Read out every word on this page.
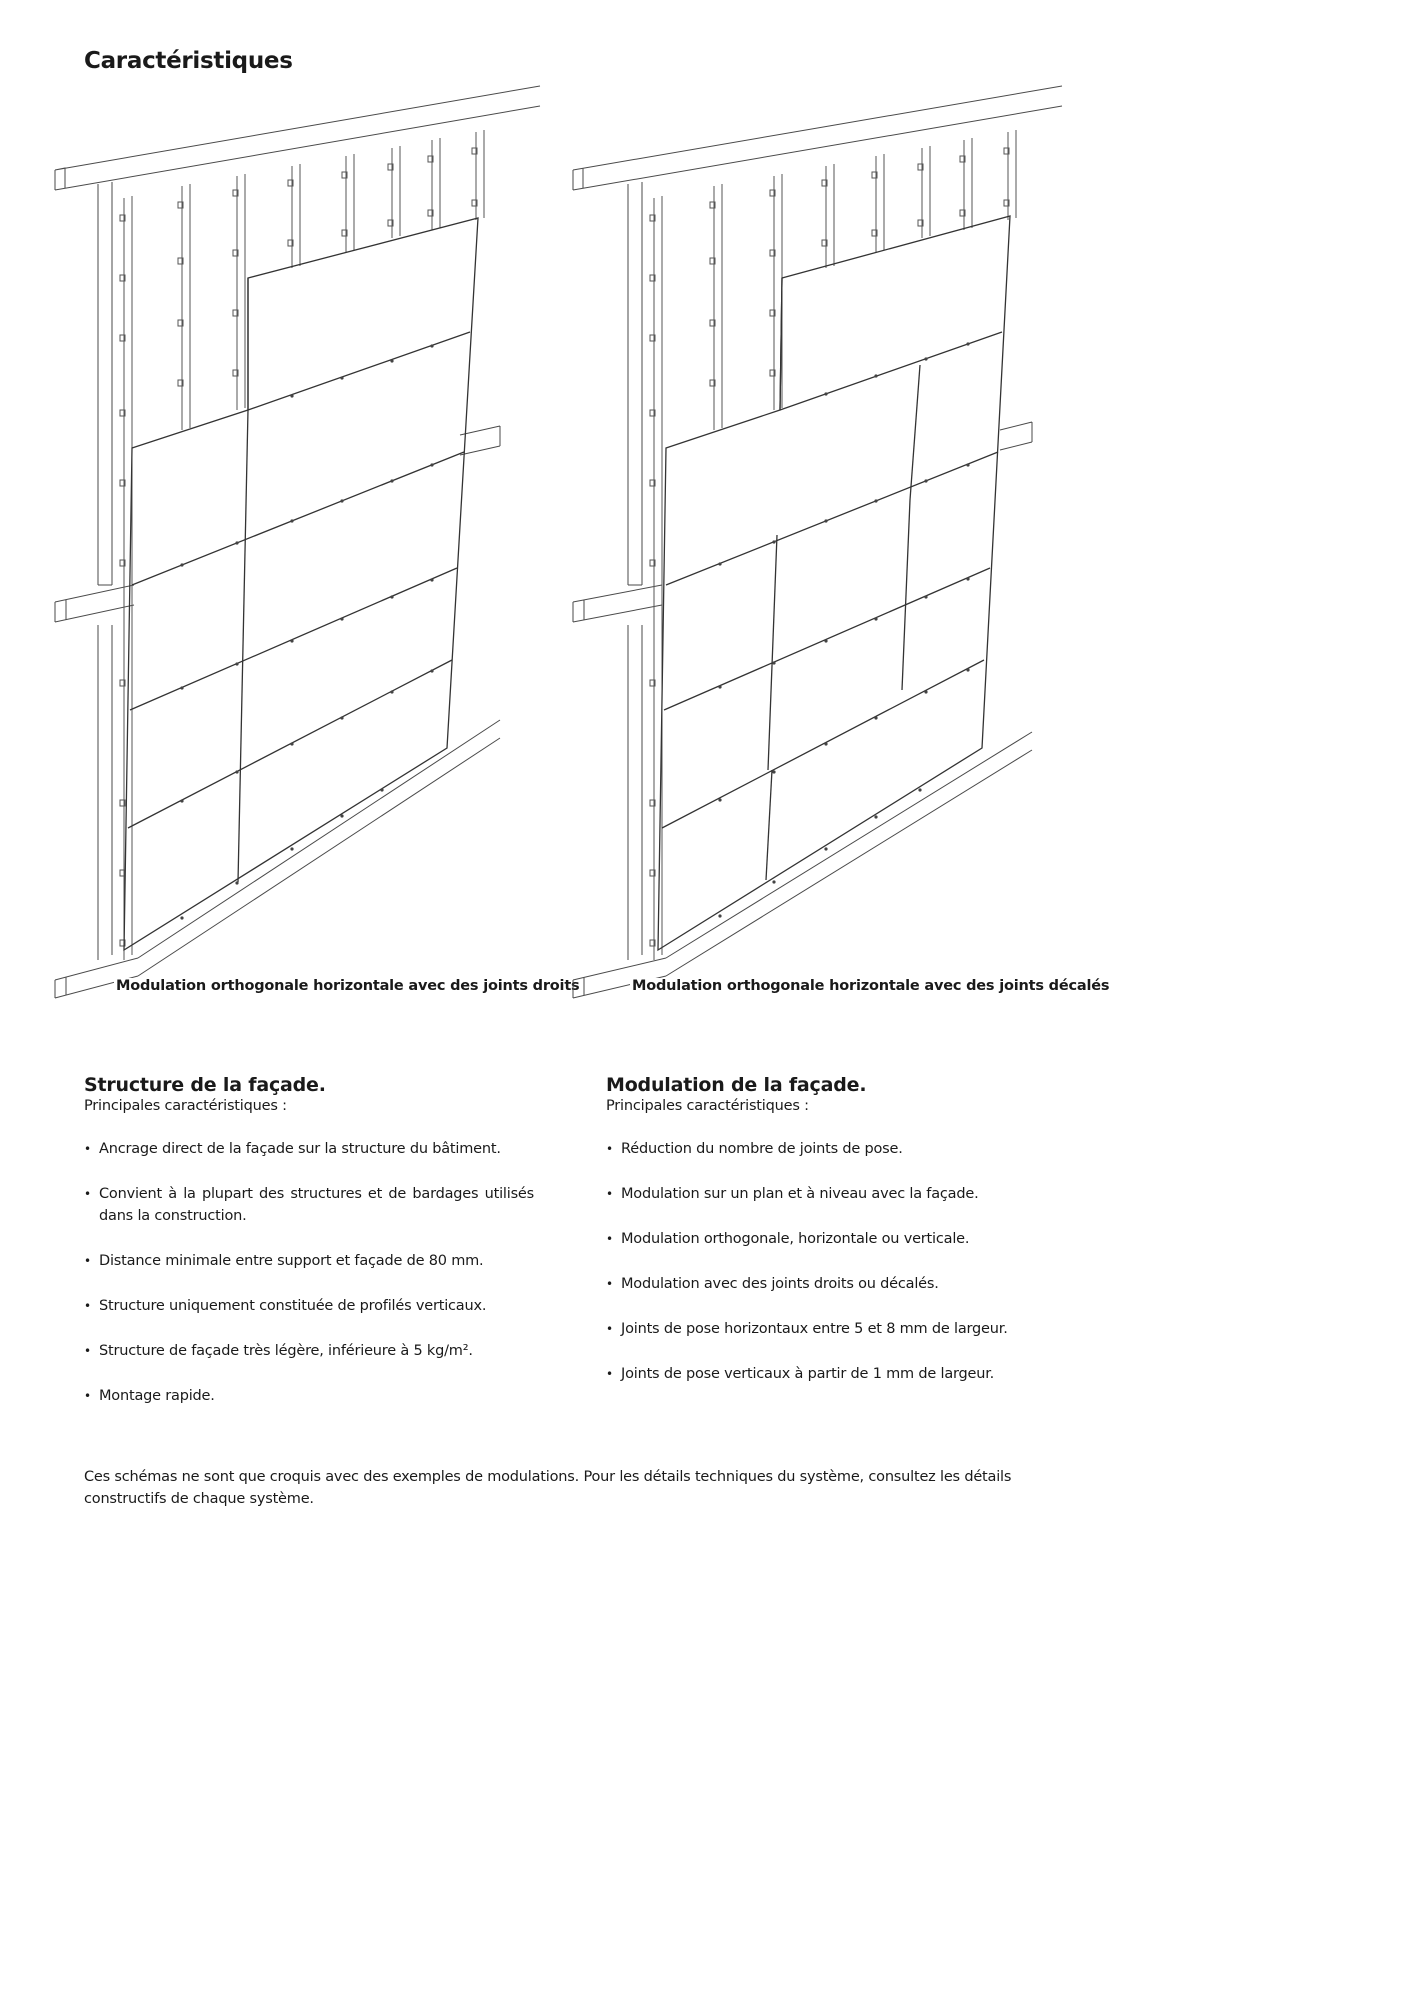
Caractéristiques
Modulation orthogonale horizontale avec des joints droits	Modulation orthogonale horizontale avec des joints décalés
Structure de la façade.

Principales caractéristiques :

• Ancrage direct de la façade sur la structure du bâtiment.
• Convient à la plupart des structures et de bardages utilisés dans la construction.
• Distance minimale entre support et façade de 80 mm.
• Structure uniquement constituée de profilés verticaux.
• Structure de façade très légère, inférieure à 5 kg/m².
• Montage rapide.
Modulation de la façade.

Principales caractéristiques :

• Réduction du nombre de joints de pose.
• Modulation sur un plan et à niveau avec la façade.
• Modulation orthogonale, horizontale ou verticale.
• Modulation avec des joints droits ou décalés.
• Joints de pose horizontaux entre 5 et 8 mm de largeur.
• Joints de pose verticaux à partir de 1 mm de largeur.

Ces schémas ne sont que croquis avec des exemples de modulations. Pour les détails techniques du système, consultez les détails constructifs de chaque système.
